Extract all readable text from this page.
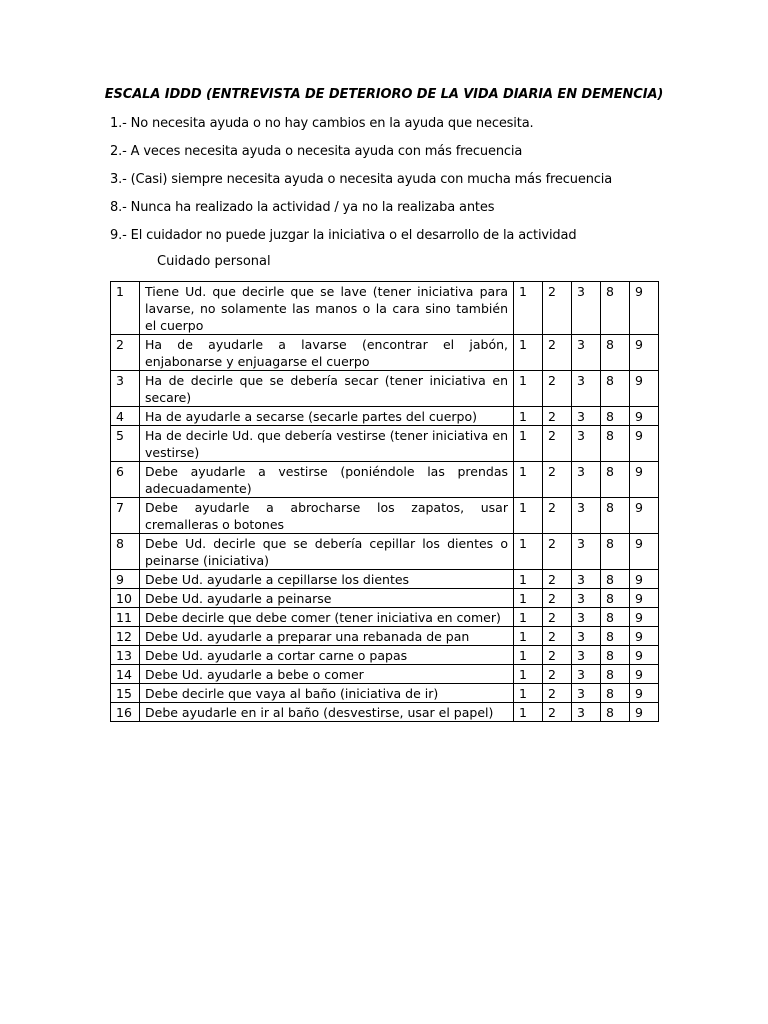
ESCALA IDDD (ENTREVISTA DE DETERIORO DE LA VIDA DIARIA EN DEMENCIA)
1.- No necesita ayuda o no hay cambios en la ayuda que necesita.
2.- A veces necesita ayuda o necesita ayuda con más frecuencia
3.- (Casi) siempre necesita ayuda o necesita ayuda con mucha más frecuencia
8.- Nunca ha realizado la actividad / ya no la realizaba antes
9.- El cuidador no puede juzgar la iniciativa o el desarrollo de la actividad
Cuidado personal
1	Tiene Ud. que decirle que se lave (tener iniciativa para lavarse, no solamente las manos o la cara sino también el cuerpo	1	2	3	8	9
2	Ha de ayudarle a lavarse (encontrar el jabón, enjabonarse y enjuagarse el cuerpo	1	2	3	8	9
3	Ha de decirle que se debería secar (tener iniciativa en secare)	1	2	3	8	9
4	Ha de ayudarle a secarse (secarle partes del cuerpo)	1	2	3	8	9
5	Ha de decirle Ud. que debería vestirse (tener iniciativa en vestirse)	1	2	3	8	9
6	Debe ayudarle a vestirse (poniéndole las prendas adecuadamente)	1	2	3	8	9
7	Debe ayudarle a abrocharse los zapatos, usar cremalleras o botones	1	2	3	8	9
8	Debe Ud. decirle que se debería cepillar los dientes o peinarse (iniciativa)	1	2	3	8	9
9	Debe Ud. ayudarle a cepillarse los dientes	1	2	3	8	9
10	Debe Ud. ayudarle a peinarse	1	2	3	8	9
11	Debe decirle que debe comer (tener iniciativa en comer)	1	2	3	8	9
12	Debe Ud. ayudarle a preparar una rebanada de pan	1	2	3	8	9
13	Debe Ud. ayudarle a cortar carne o papas	1	2	3	8	9
14	Debe Ud. ayudarle a bebe o comer	1	2	3	8	9
15	Debe decirle que vaya al baño (iniciativa de ir)	1	2	3	8	9
16	Debe ayudarle en ir al baño (desvestirse, usar el papel)	1	2	3	8	9
